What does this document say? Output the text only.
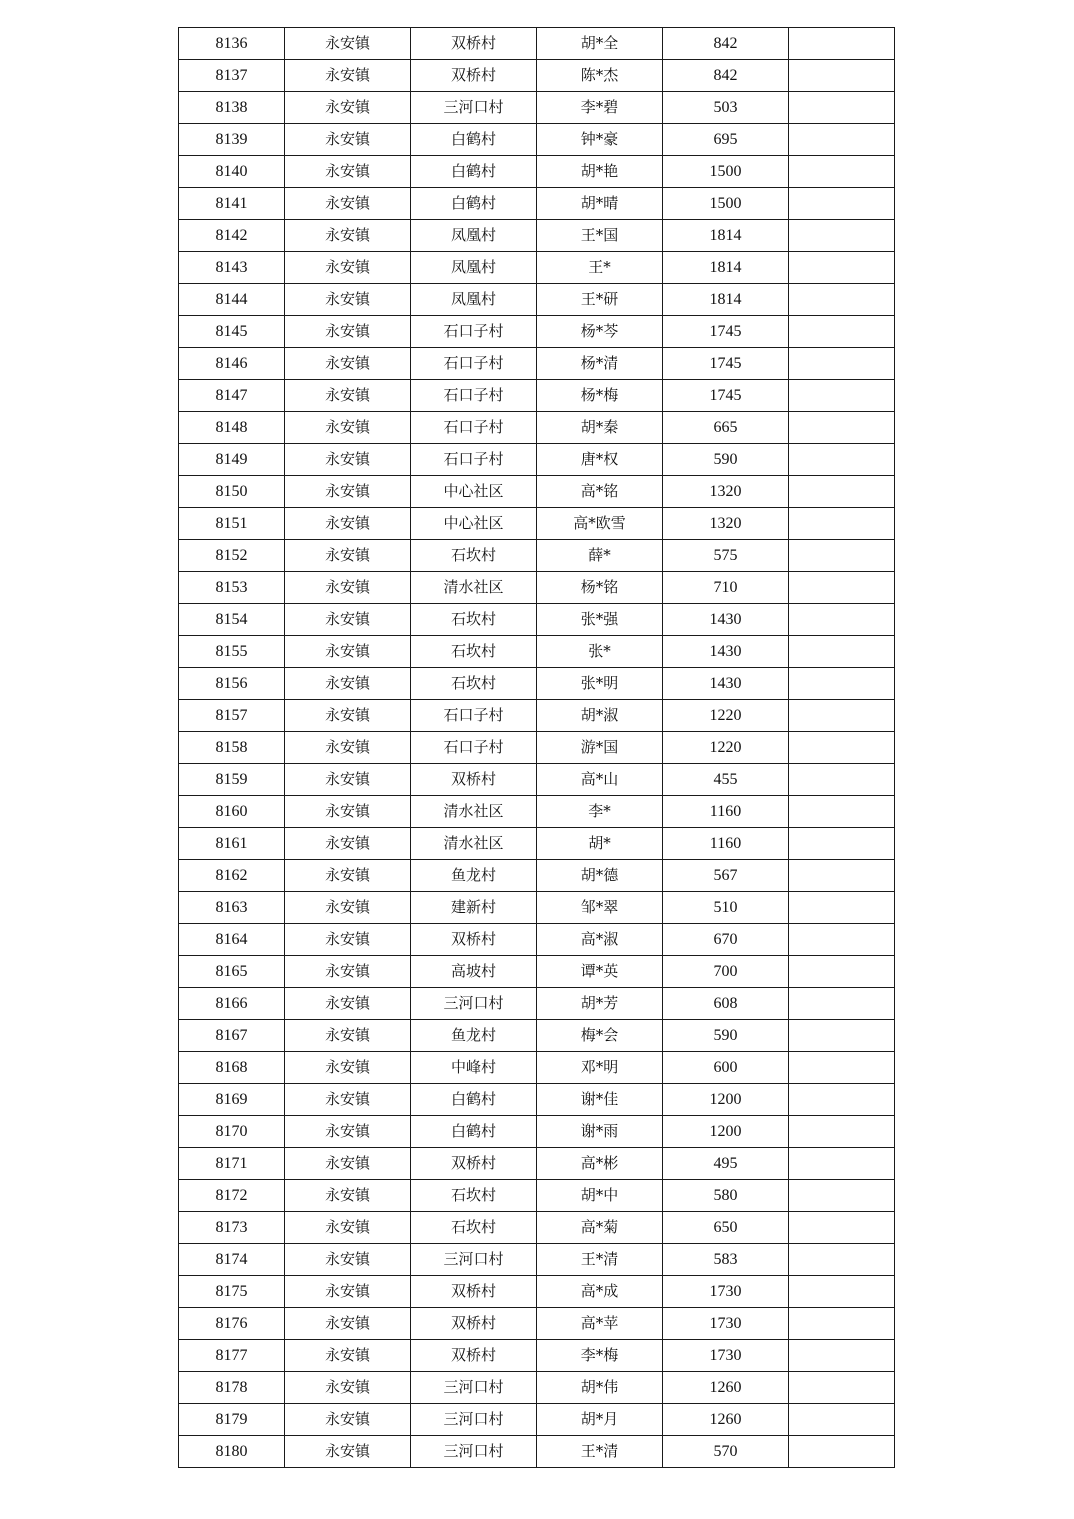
8136	永安镇	双桥村	胡*全	842	
8137	永安镇	双桥村	陈*杰	842	
8138	永安镇	三河口村	李*碧	503	
8139	永安镇	白鹤村	钟*豪	695	
8140	永安镇	白鹤村	胡*艳	1500	
8141	永安镇	白鹤村	胡*晴	1500	
8142	永安镇	凤凰村	王*国	1814	
8143	永安镇	凤凰村	王*	1814	
8144	永安镇	凤凰村	王*研	1814	
8145	永安镇	石口子村	杨*芩	1745	
8146	永安镇	石口子村	杨*清	1745	
8147	永安镇	石口子村	杨*梅	1745	
8148	永安镇	石口子村	胡*秦	665	
8149	永安镇	石口子村	唐*权	590	
8150	永安镇	中心社区	高*铭	1320	
8151	永安镇	中心社区	高*欧雪	1320	
8152	永安镇	石坎村	薛*	575	
8153	永安镇	清水社区	杨*铭	710	
8154	永安镇	石坎村	张*强	1430	
8155	永安镇	石坎村	张*	1430	
8156	永安镇	石坎村	张*明	1430	
8157	永安镇	石口子村	胡*淑	1220	
8158	永安镇	石口子村	游*国	1220	
8159	永安镇	双桥村	高*山	455	
8160	永安镇	清水社区	李*	1160	
8161	永安镇	清水社区	胡*	1160	
8162	永安镇	鱼龙村	胡*德	567	
8163	永安镇	建新村	邹*翠	510	
8164	永安镇	双桥村	高*淑	670	
8165	永安镇	高坡村	谭*英	700	
8166	永安镇	三河口村	胡*芳	608	
8167	永安镇	鱼龙村	梅*会	590	
8168	永安镇	中峰村	邓*明	600	
8169	永安镇	白鹤村	谢*佳	1200	
8170	永安镇	白鹤村	谢*雨	1200	
8171	永安镇	双桥村	高*彬	495	
8172	永安镇	石坎村	胡*中	580	
8173	永安镇	石坎村	高*菊	650	
8174	永安镇	三河口村	王*清	583	
8175	永安镇	双桥村	高*成	1730	
8176	永安镇	双桥村	高*苹	1730	
8177	永安镇	双桥村	李*梅	1730	
8178	永安镇	三河口村	胡*伟	1260	
8179	永安镇	三河口村	胡*月	1260	
8180	永安镇	三河口村	王*清	570	
